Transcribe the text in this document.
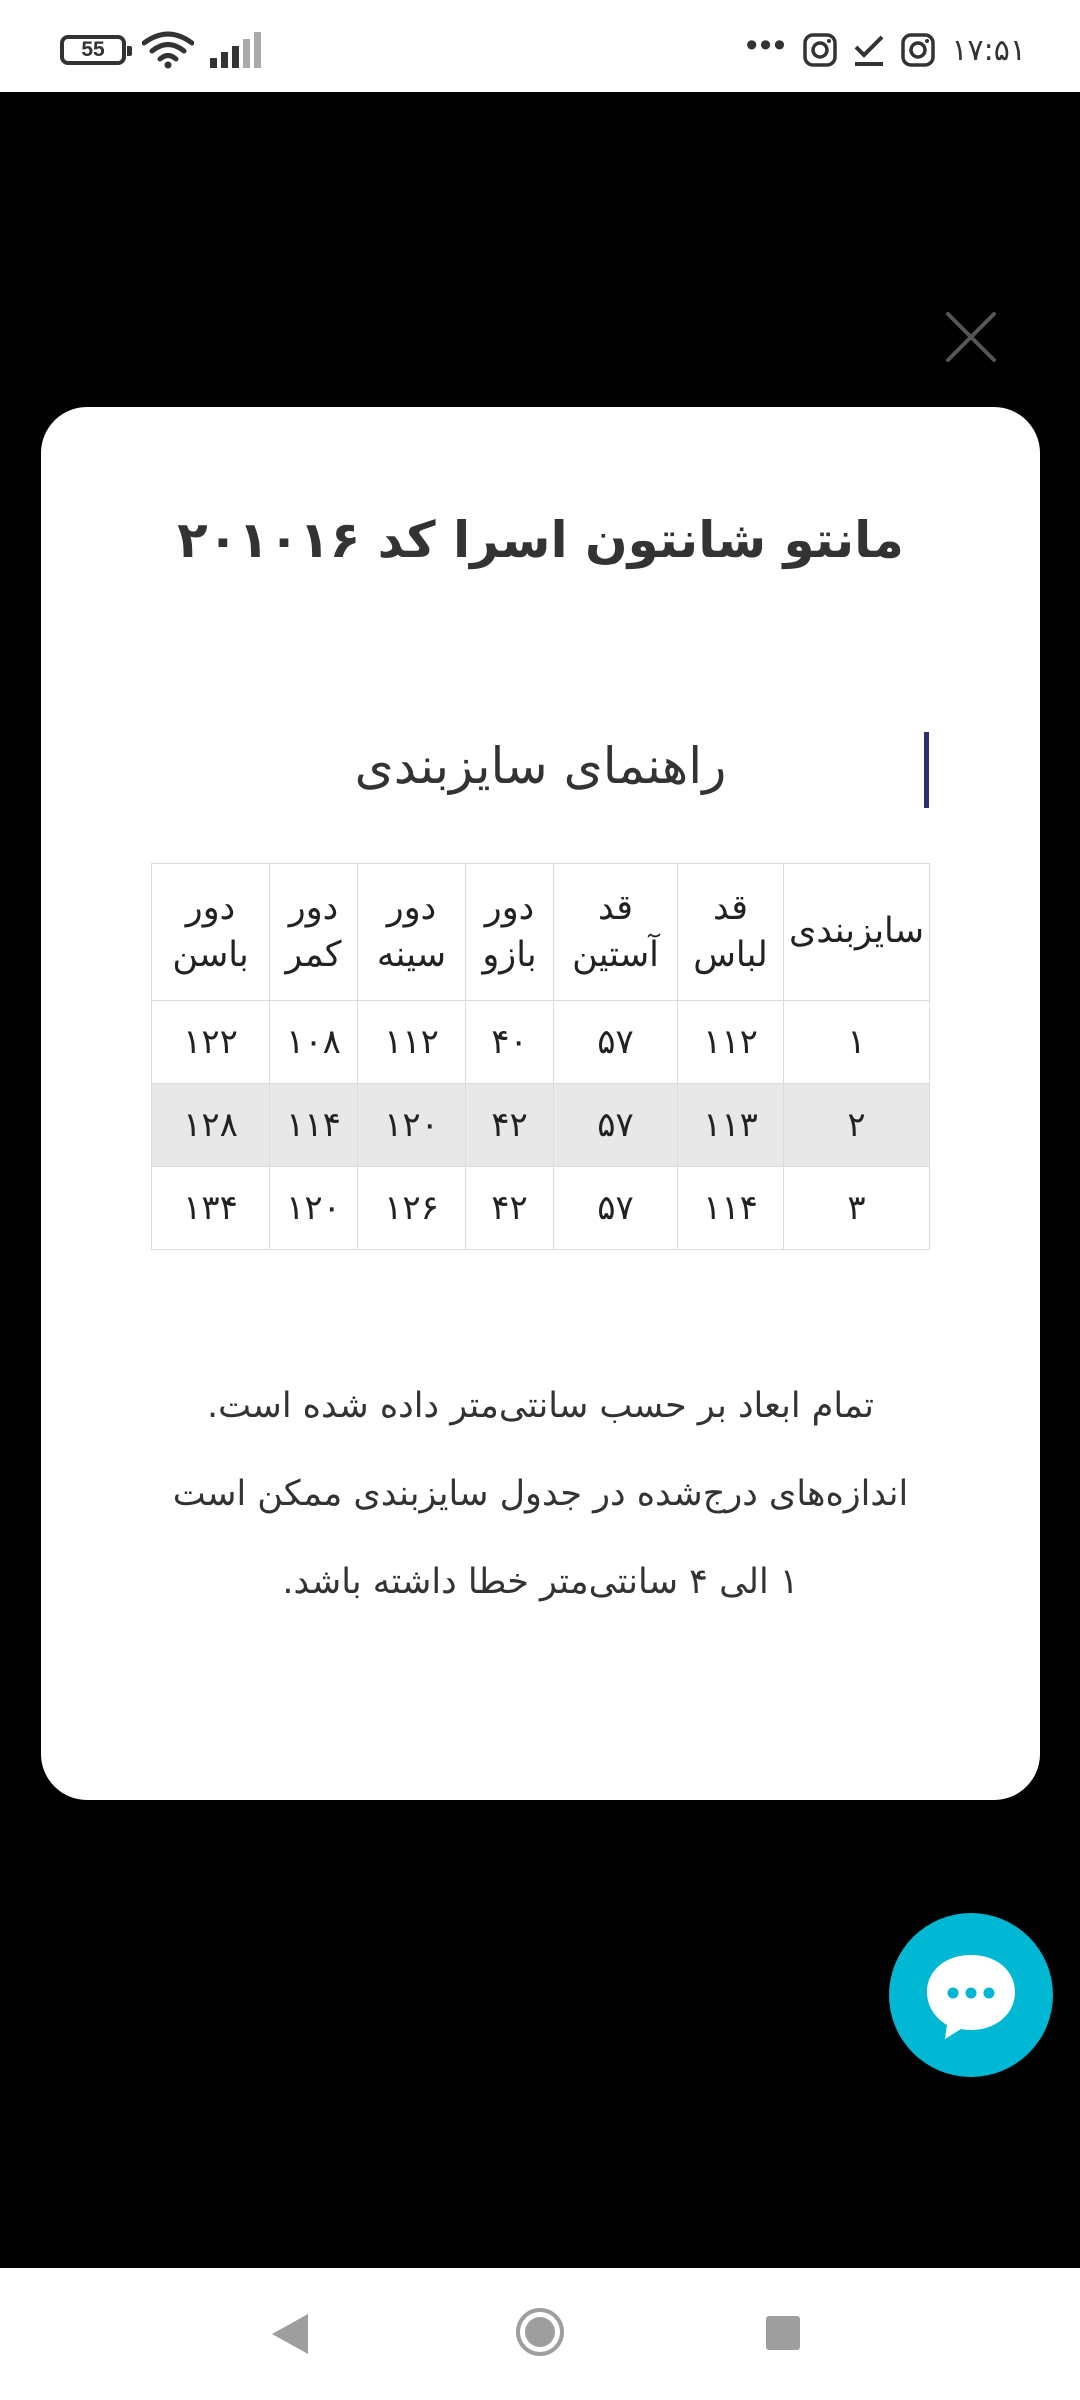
55	•••	۱۷:۵۱
مانتو شانتون اسرا کد ۲۰۱۰۱۶
راهنمای سایزبندی
سایزبندی	قد لباس	قد آستین	دور بازو	دور سینه	دور کمر	دور باسن
۱	۱۱۲	۵۷	۴۰	۱۱۲	۱۰۸	۱۲۲
۲	۱۱۳	۵۷	۴۲	۱۲۰	۱۱۴	۱۲۸
۳	۱۱۴	۵۷	۴۲	۱۲۶	۱۲۰	۱۳۴
تمام ابعاد بر حسب سانتی‌متر داده شده است.
اندازه‌های درج‌شده در جدول سایزبندی ممکن است
۱ الی ۴ سانتی‌متر خطا داشته باشد.
